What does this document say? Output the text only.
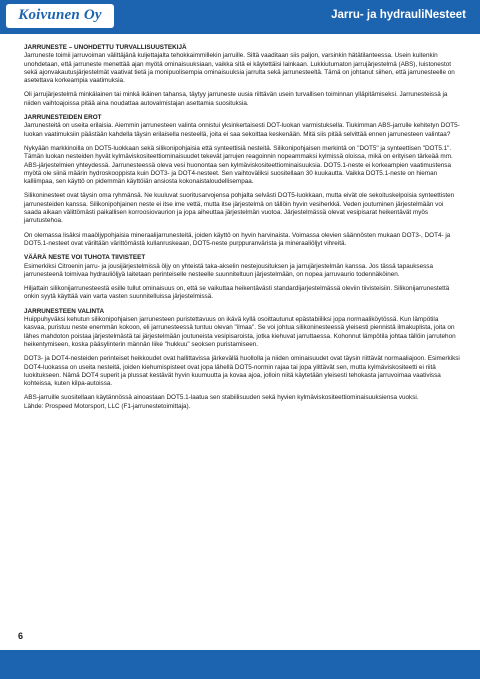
Koivunen Oy	Jarru- ja hydrauliNesteet
JARRUNESTE – UNOHDETTU TURVALLISUUSTEKIJÄ

Jarruneste toimii jarruvoiman välittäjänä kuljettajalta tehokkaimmillekin jarruille. Siltä vaaditaan siis paljon, varsinkin hätätilanteessa. Usein kuitenkin unohdetaan, että jarruneste menettää ajan myötä ominaisuuksiaan, vaikka sitä ei käytettäisi lainkaan. Lukkiutumaton jarrujärjestelmä (ABS), luistonestot sekä ajonvakautusjärjestelmät vaativat tietä ja monipuolisempia ominaisuuksia jarrulta sekä jarrunesteeltä. Tämä on johtanut siihen, että jarrunesteelle on asetettava korkeampia vaatimuksia.

Oli jarrujärjestelmä minkälainen tai minkä ikäinen tahansa, täytyy jarruneste uusia riittävän usein turvallisen toiminnan ylläpitämiseksi. Jarrunesteissä ja niiden vaihtoajoissa pitää aina noudattaa autovalmistajan asettamia suosituksia.

JARRUNESTEIDEN EROT

Jarrunesteitä on useita erilaisia. Aiemmin jarrunesteen valinta onnistui yksinkertaisesti DOT-luokan varmistuksella. Tiukimman ABS-jarrulle kehitetyn DOT5-luokan vaatimuksiin päästään kahdella täysin erilaisella nesteellä, joita ei saa sekoittaa keskenään. Mitä siis pitää selvittää ennen jarrunesteen valintaa?

Nykyään markkinoilla on DOT5-luokkaan sekä silikonipohjaisia että synteettisiä nesteitä. Silikonipohjaisen merkintä on "DOT5" ja synteettisen "DOT5.1". Tämän luokan nesteiden hyvät kylmäviskositeettiominaisuudet tekevät jarrujen reagoinnin nopeammaksi kylmissä oloissa, mikä on erityisen tärkeää mm. ABS-järjestelmien yhteydessä. Jarrunesteessä oleva vesi huonontaa sen kylmäviskositeettiominaisuuksia. DOT5.1-neste ei korkeampien vaatimustensa myötä ole siinä määrin hydroskooppista kuin DOT3- ja DOT4-nesteet. Sen vaihtoväliksi suositellaan 30 kuukautta. Vaikka DOT5.1-neste on hieman kalliimpaa, sen käyttö on pidemmän käyttöiän ansiosta kokonaistaloudellisempaa.

Silikoninesteet ovat täysin oma ryhmänsä. Ne kuuluvat suoritusarvojensa pohjalta selvästi DOT5-luokkaan, mutta eivät ole sekoituskelpoisia synteettisten jarrunesteiden kanssa. Silikonipohjainen neste ei itse ime vettä, mutta itse järjestelmä on tällöin hyvin vesiherkkä. Veden joutuminen järjestelmään voi saada aikaan välittömästi paikallisen korroosiovaurion ja jopa aiheuttaa järjestelmän vuotoa. Järjestelmässä olevat vesipisarat heikentävät myös jarrutustehoa.

On olemassa lisäksi maaöljypohjaisia mineraalijarrunesteitä, joiden käyttö on hyvin harvinaista. Voimassa olevien säännösten mukaan DOT3-, DOT4- ja DOT5.1-nesteet ovat väriltään värittömästä kullanruskeaan, DOT5-neste purppuranvärista ja mineraaliöljyt vihreitä.

VÄÄRÄ NESTE VOI TUHOTA TIIVISTEET

Esimerkiksi Citroenin jarru- ja jousijärjestelmissä öljy on yhteistä taka-akselin nestejousituksen ja jarrujärjestelmän kanssa. Jos tässä tapauksessa jarrunesteenä toimivaa hydrauliöljyä laitetaan perinteiselle nesteelle suunniteltuun järjestelmään, on nopea jarruvaurio todennäköinen.

Hiljattain silikonijarrunesteestä esille tullut ominaisuus on, että se vaikuttaa heikentävästi standardijarjestelmässä oleviin tiivisteisiin. Silikonijarrunestettä onkin syytä käyttää vain varta vasten suunnitelluissa järjestelmissä.

JARRUNESTEEN VALINTA

Huippuhyväksi kehutun silikonipohjaisen jarrunesteen puristettavuus on ikävä kyllä osoittautunut epästabiiliksi jopa normaaliköytössä. Kun lämpötila kasvaa, puristuu neste enemmän kokoon, eli jarrunesteessä tuntuu olevan "ilmaa". Se voi johtua silikoninesteessä yleisesti piennistä ilmakuplista, joita on lähes mahdoton poistaa järjestelmästä tai järjestelmään joutuneista vesipisaroista, jotka kiehuvat jarruttaessa. Kohonnut lämpötila johtaa tällöin jarrutehon heikentymiseen, koska pääsylinterin männän liike "hukkuu" seoksen puristamiseen.

DOT3- ja DOT4-nesteiden perinteiset heikkoudet ovat hallittavissa järkevällä huollolla ja niiden ominaisuudet ovat täysin riittävät normaaliajoon. Esimerkiksi DOT4-luokassa on useita nesteitä, joiden kiehumispisteet ovat jopa lähellä DOT5-normin rajaa tai jopa ylittävät sen, mutta kylmäviskositeetti ei riitä luokitukseen. Nämä DOT4 superit ja plussat kestävät hyvin kuumuutta ja kovaa ajoa, jolloin niitä käytetään yleisesti tehokasta jarruvoimaa vaativissa kohteissa, kuten kilpa-autoissa.

ABS-jarruille suositellaan käytännössä ainoastaan DOT5.1-laatua sen stabiilisuuden sekä hyvien kylmäviskositeettiominaisuuksiensa vuoksi.

Lähde: Prospeed Motorsport, LLC (F1-jarrunestetoimittaja).

6
